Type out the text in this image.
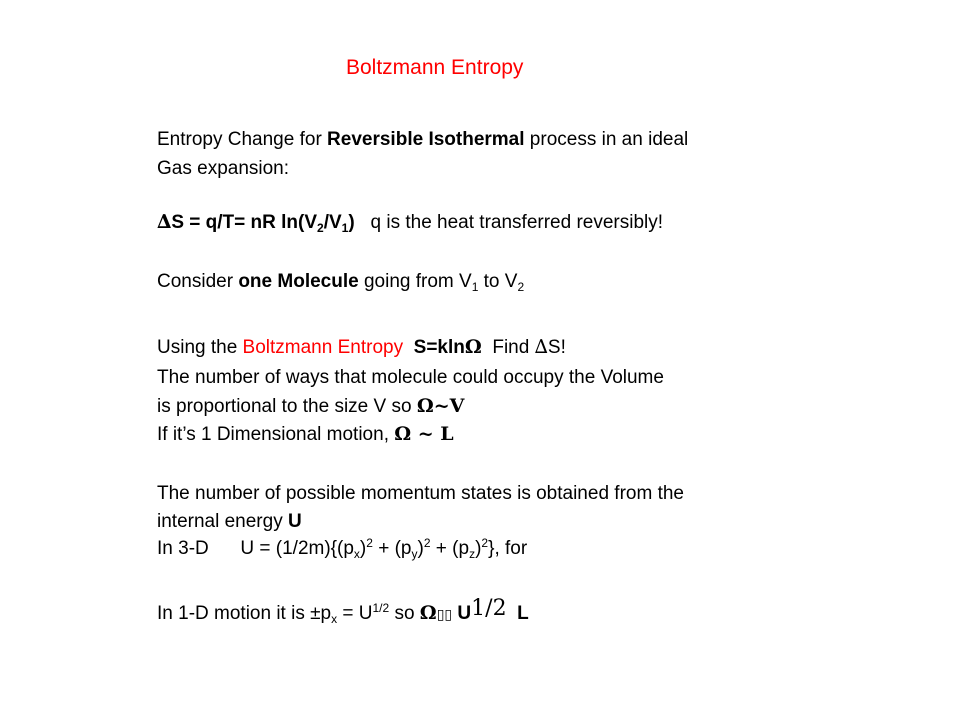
Boltzmann Entropy
Entropy Change for Reversible Isothermal process in an ideal
Gas expansion:
∆S = q/T= nR $\ln(V_2/V_1)$ q is the heat transferred reversibly!
Consider one Molecule going from $V_1$ to $V_2$
Using the Boltzmann Entropy S=klnΩ Find ∆S!
The number of ways that molecule could occupy the Volume
is proportional to the size V so Ω~V
If it’s 1 Dimensional motion, Ω ~ L
The number of possible momentum states is obtained from the
internal energy U
In 3-D      $U = (1/2m)\{(p_x)^2 + (p_y)^2 + (p_z)^2\}$, for
In 1-D motion it is $\pm p_x = U^{1/2}$ so Ω▯▯ U1/2 L
